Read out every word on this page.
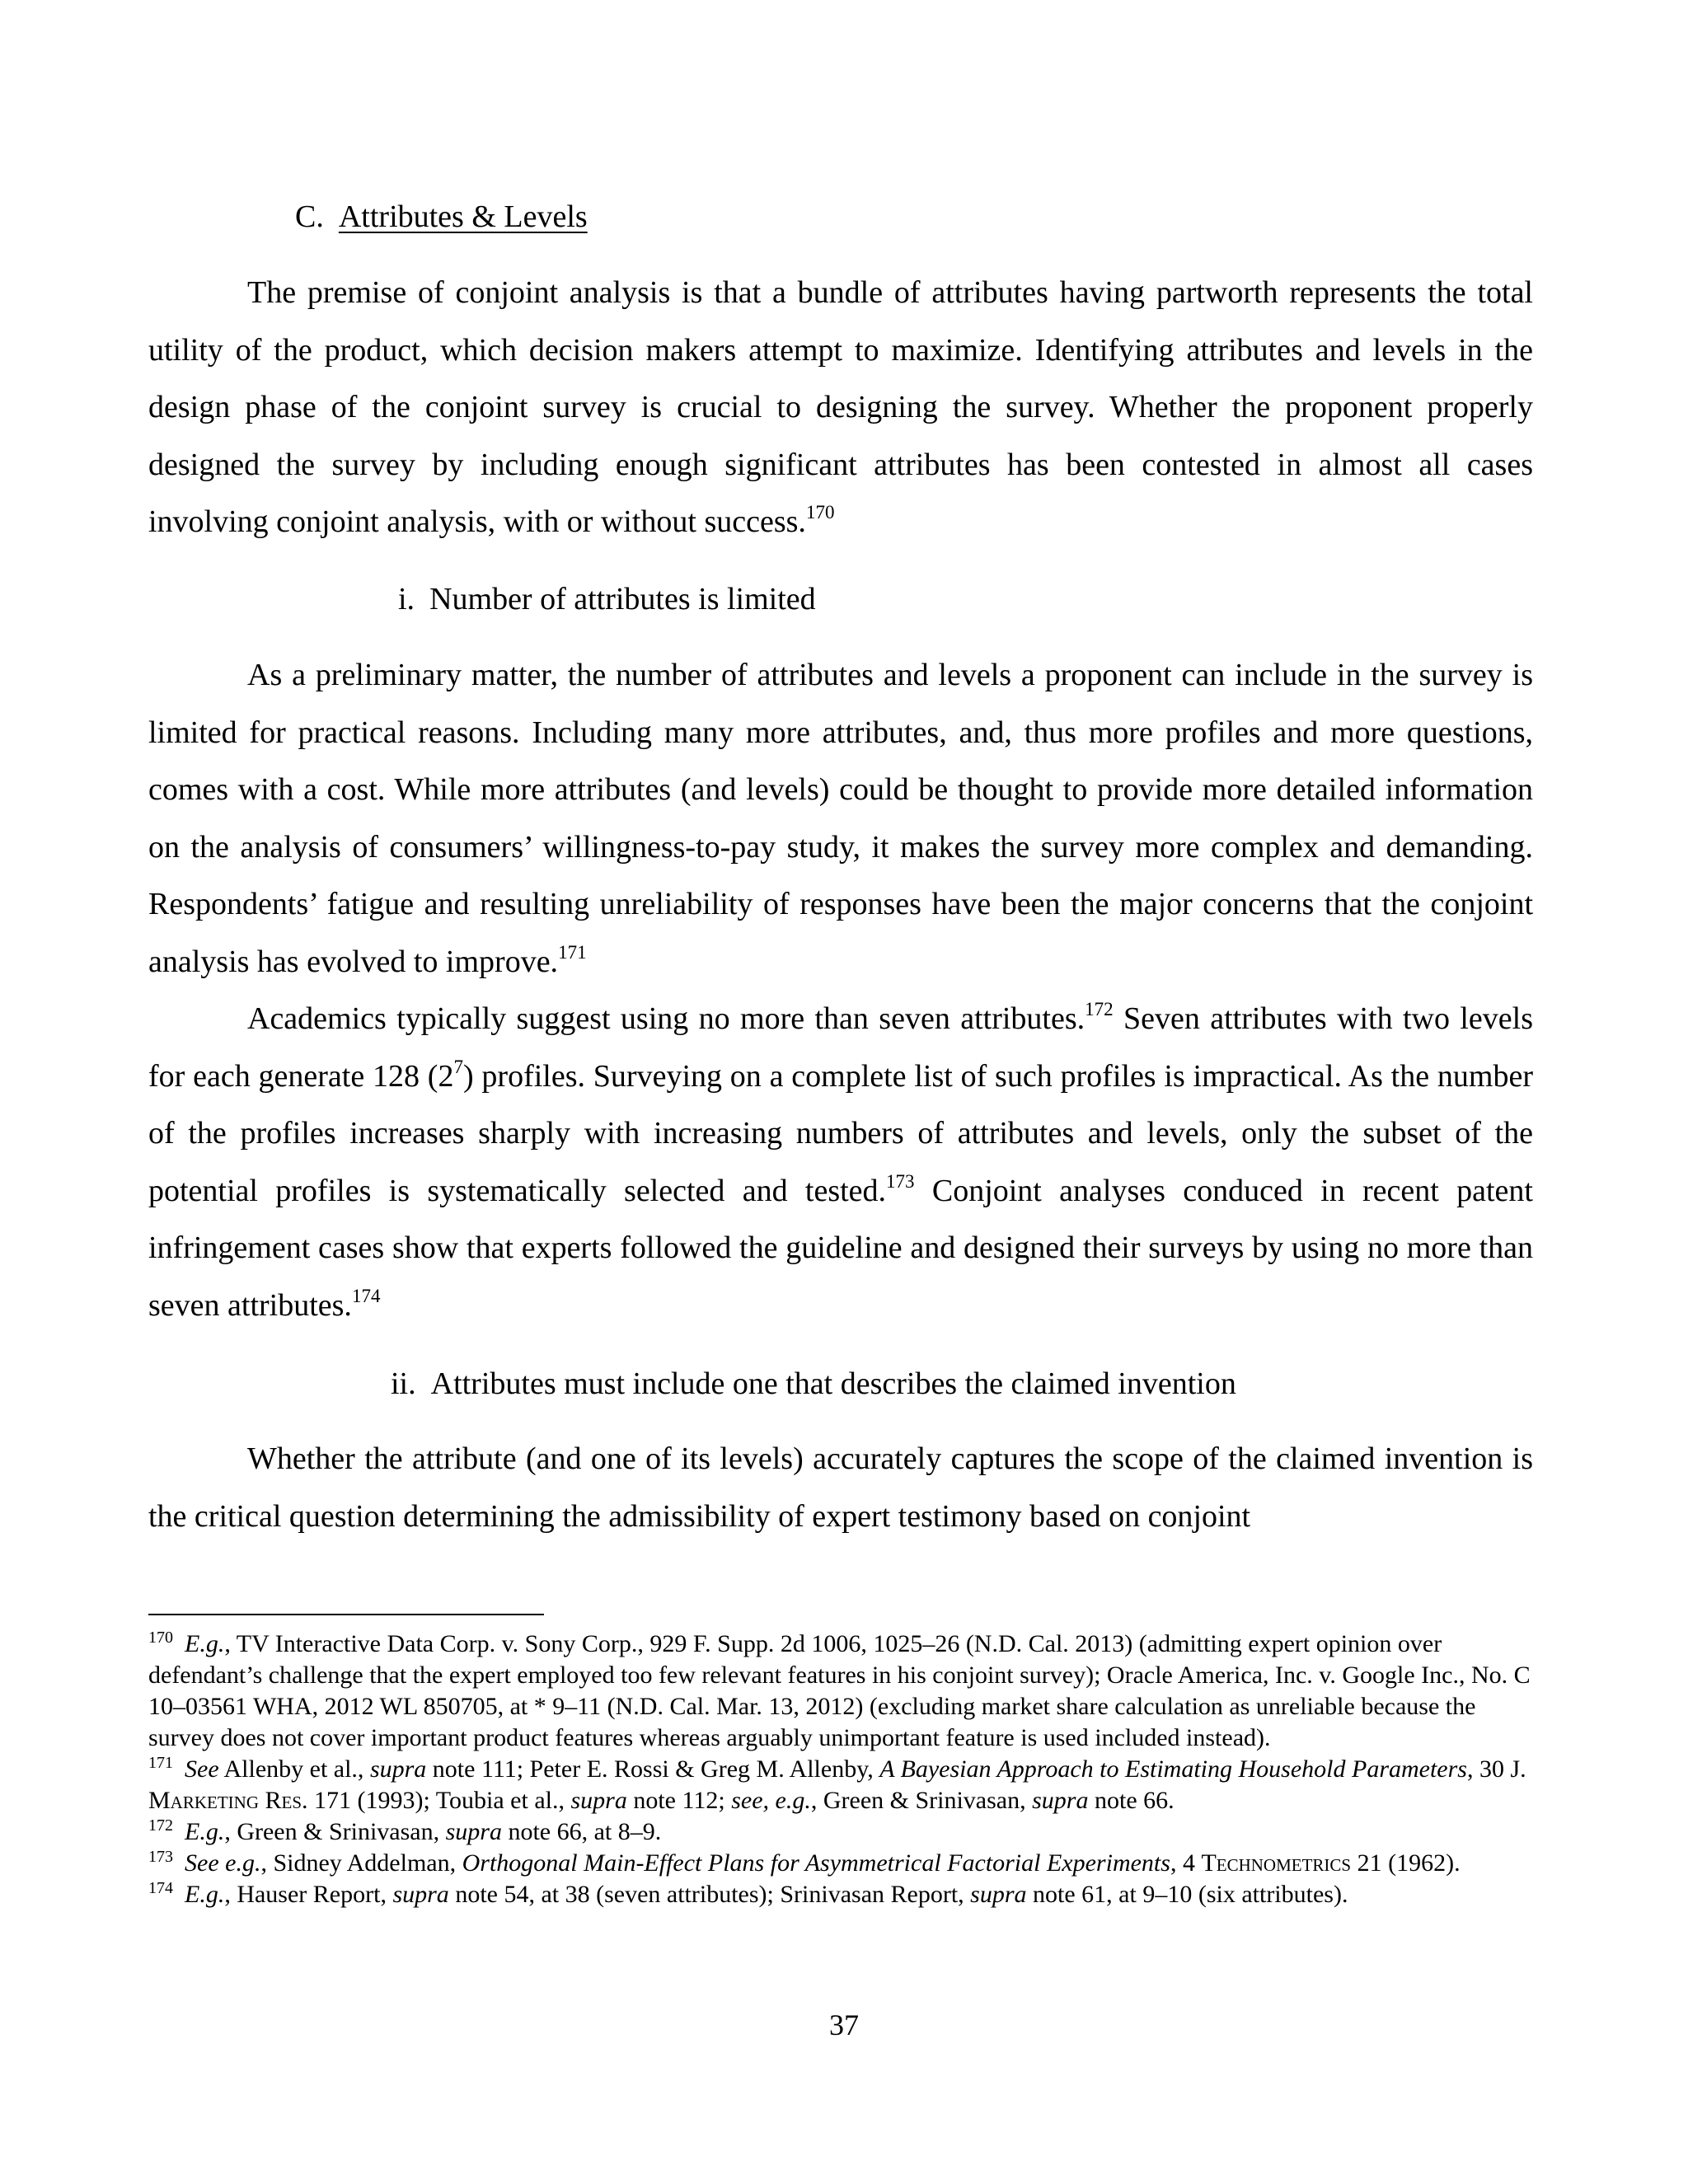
C. Attributes & Levels
The premise of conjoint analysis is that a bundle of attributes having partworth represents the total utility of the product, which decision makers attempt to maximize. Identifying attributes and levels in the design phase of the conjoint survey is crucial to designing the survey. Whether the proponent properly designed the survey by including enough significant attributes has been contested in almost all cases involving conjoint analysis, with or without success.$^{170}$
i. Number of attributes is limited
As a preliminary matter, the number of attributes and levels a proponent can include in the survey is limited for practical reasons. Including many more attributes, and, thus more profiles and more questions, comes with a cost. While more attributes (and levels) could be thought to provide more detailed information on the analysis of consumers’ willingness-to-pay study, it makes the survey more complex and demanding. Respondents’ fatigue and resulting unreliability of responses have been the major concerns that the conjoint analysis has evolved to improve.$^{171}$
Academics typically suggest using no more than seven attributes.$^{172}$ Seven attributes with two levels for each generate 128 $(2^7)$ profiles. Surveying on a complete list of such profiles is impractical. As the number of the profiles increases sharply with increasing numbers of attributes and levels, only the subset of the potential profiles is systematically selected and tested.$^{173}$ Conjoint analyses conduced in recent patent infringement cases show that experts followed the guideline and designed their surveys by using no more than seven attributes.$^{174}$
ii. Attributes must include one that describes the claimed invention
Whether the attribute (and one of its levels) accurately captures the scope of the claimed invention is the critical question determining the admissibility of expert testimony based on conjoint

$^{170}$ E.g., TV Interactive Data Corp. v. Sony Corp., 929 F. Supp. 2d 1006, 1025–26 (N.D. Cal. 2013) (admitting expert opinion over defendant’s challenge that the expert employed too few relevant features in his conjoint survey); Oracle America, Inc. v. Google Inc., No. C 10–03561 WHA, 2012 WL 850705, at * 9–11 (N.D. Cal. Mar. 13, 2012) (excluding market share calculation as unreliable because the survey does not cover important product features whereas arguably unimportant feature is used included instead).

$^{171}$ See Allenby et al., supra note 111; Peter E. Rossi & Greg M. Allenby, A Bayesian Approach to Estimating Household Parameters, 30 J. Marketing Res. 171 (1993); Toubia et al., supra note 112; see, e.g., Green & Srinivasan, supra note 66.

$^{172}$ E.g., Green & Srinivasan, supra note 66, at 8–9.

$^{173}$ See e.g., Sidney Addelman, Orthogonal Main-Effect Plans for Asymmetrical Factorial Experiments, 4 Technometrics 21 (1962).

$^{174}$ E.g., Hauser Report, supra note 54, at 38 (seven attributes); Srinivasan Report, supra note 61, at 9–10 (six attributes).

37
